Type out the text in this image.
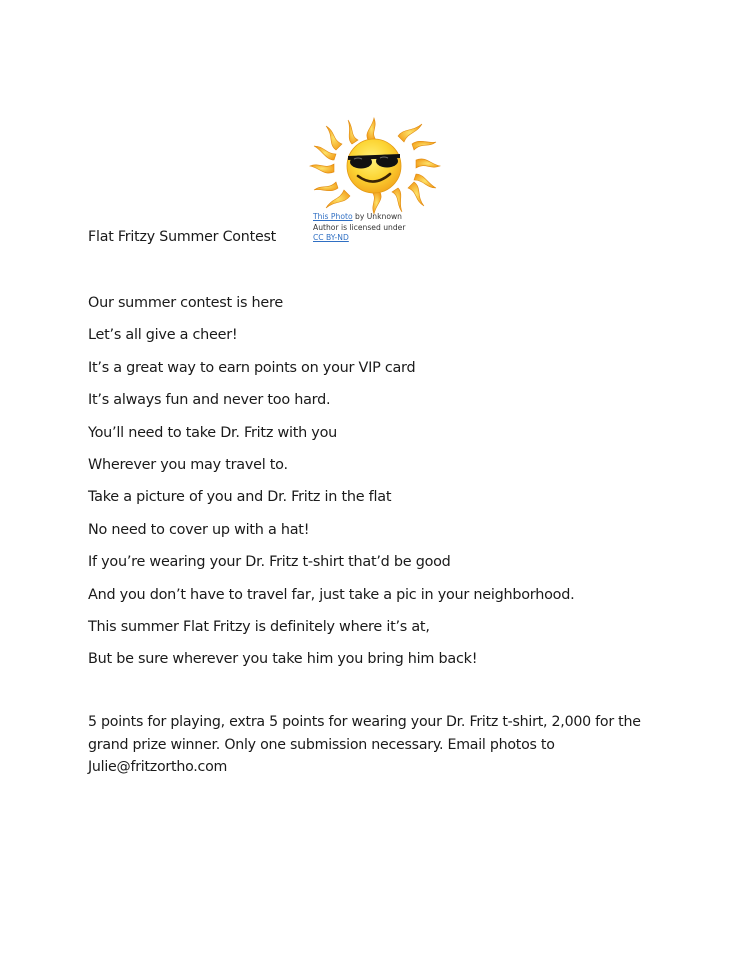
This Photo by Unknown
Author is licensed under
CC BY-ND
Flat Fritzy Summer Contest
Our summer contest is here
Let’s all give a cheer!
It’s a great way to earn points on your VIP card
It’s always fun and never too hard.
You’ll need to take Dr. Fritz with you
Wherever you may travel to.
Take a picture of you and Dr. Fritz in the flat
No need to cover up with a hat!
If you’re wearing your Dr. Fritz t-shirt that’d be good
And you don’t have to travel far, just take a pic in your neighborhood.
This summer Flat Fritzy is definitely where it’s at,
But be sure wherever you take him you bring him back!

5 points for playing, extra 5 points for wearing your Dr. Fritz t-shirt, 2,000 for the grand prize winner. Only one submission necessary. Email photos to Julie@fritzortho.com
